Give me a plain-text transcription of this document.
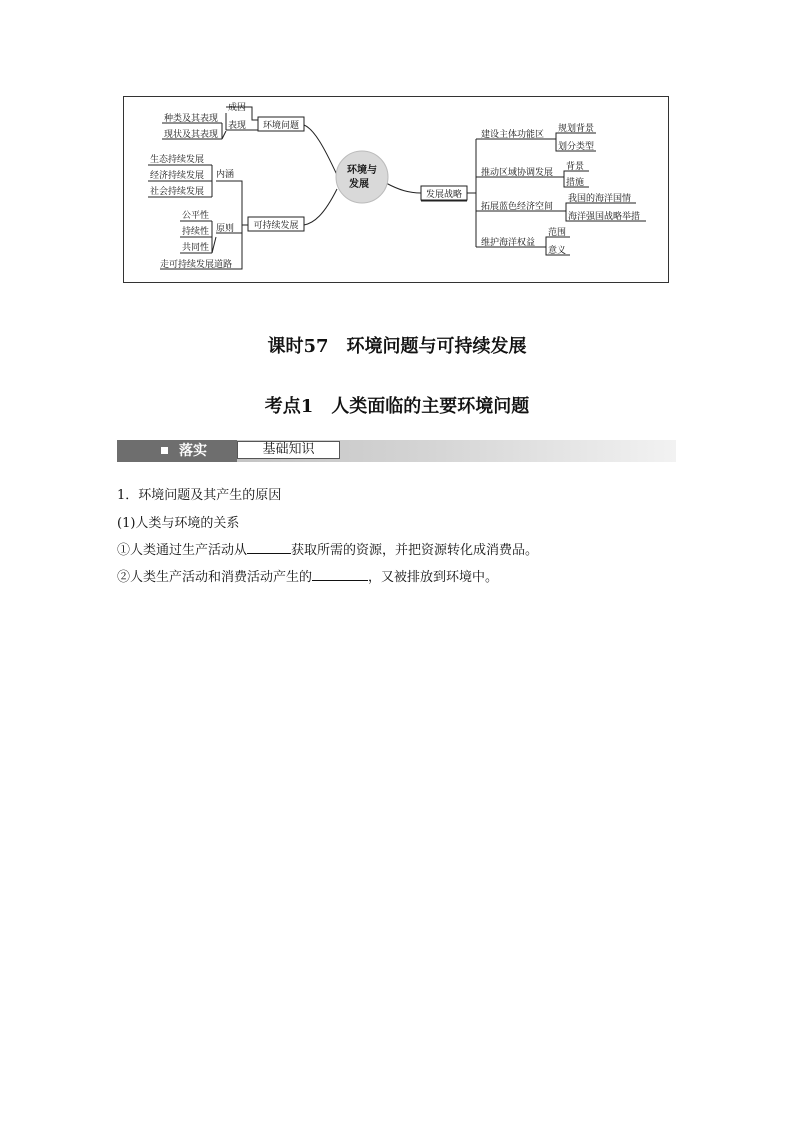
环境与
发展
环境问题
成因
表现
种类及其表现
现状及其表现
可持续发展
内涵
生态持续发展
经济持续发展
社会持续发展
原则
公平性
持续性
共同性
走可持续发展道路
发展战略
建设主体功能区
规划背景
划分类型
推动区域协调发展
背景
措施
拓展蓝色经济空间
我国的海洋国情
海洋强国战略举措
维护海洋权益
范围
意义
课时57　环境问题与可持续发展
考点1　人类面临的主要环境问题
落实	基础知识
1．环境问题及其产生的原因
(1)人类与环境的关系
①人类通过生产活动从	获取所需的资源，并把资源转化成消费品。
②人类生产活动和消费活动产生的	，又被排放到环境中。
